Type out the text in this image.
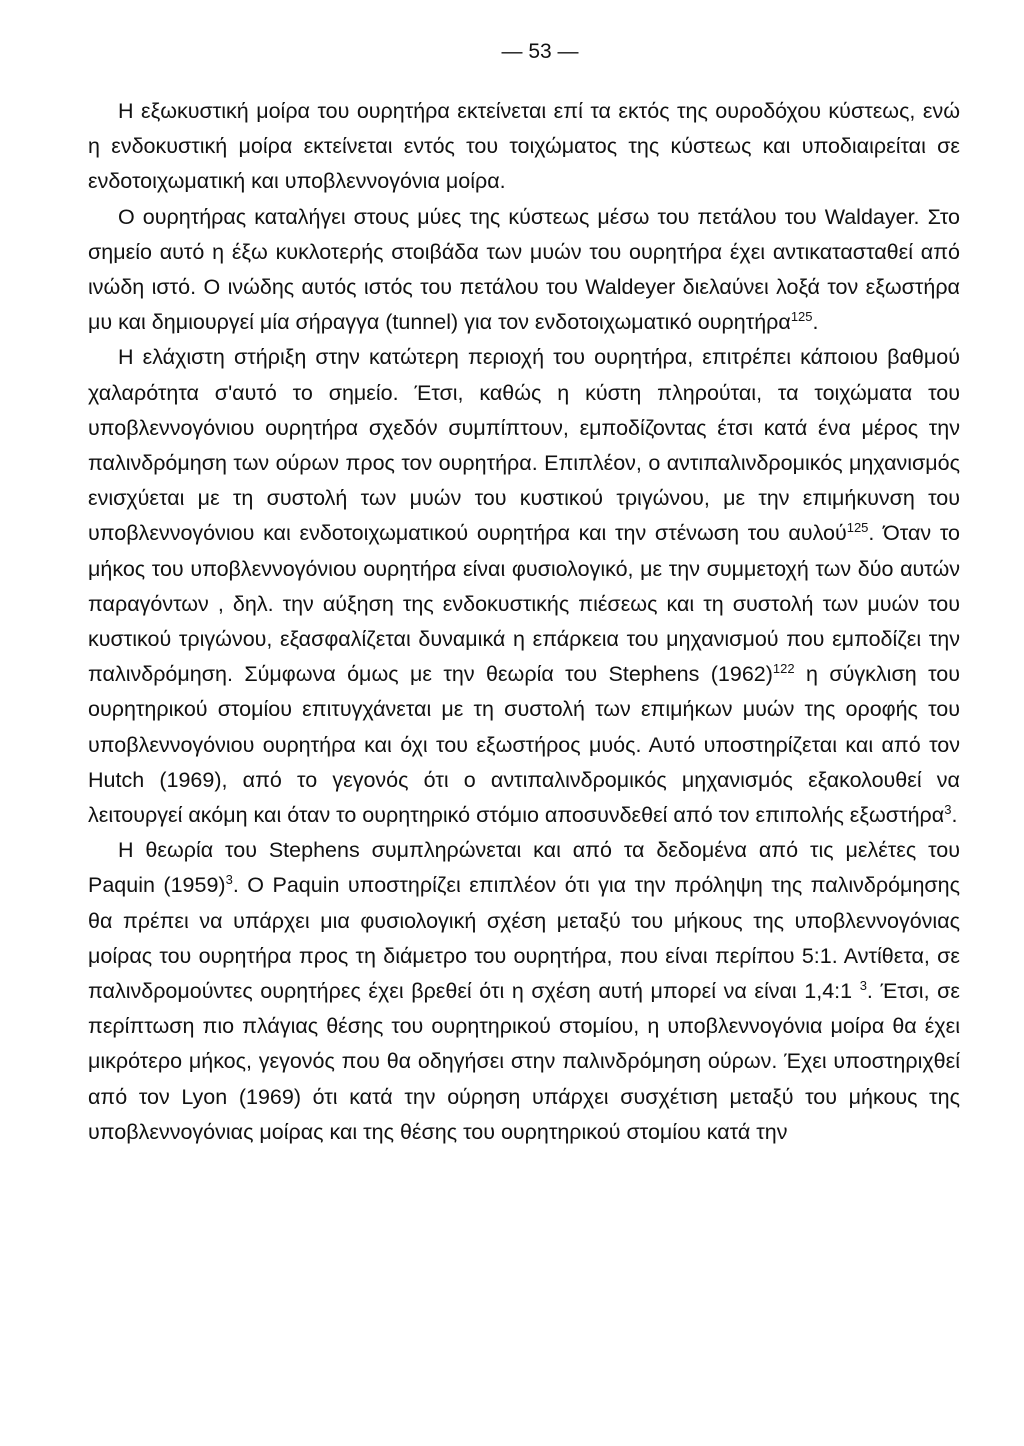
— 53 —

Η εξωκυστική μοίρα του ουρητήρα εκτείνεται επί τα εκτός της ουροδόχου κύστεως, ενώ η ενδοκυστική μοίρα εκτείνεται εντός του τοιχώματος της κύστεως και υποδιαιρείται σε ενδοτοιχωματική και υποβλεννογόνια μοίρα.

Ο ουρητήρας καταλήγει στους μύες της κύστεως μέσω του πετάλου του Waldayer. Στο σημείο αυτό η έξω κυκλοτερής στοιβάδα των μυών του ουρητήρα έχει αντικατασταθεί από ινώδη ιστό. Ο ινώδης αυτός ιστός του πετάλου του Waldeyer διελαύνει λοξά τον εξωστήρα μυ και δημιουργεί μία σήραγγα (tunnel) για τον ενδοτοιχωματικό ουρητήρα$^{125}$.

Η ελάχιστη στήριξη στην κατώτερη περιοχή του ουρητήρα, επιτρέπει κάποιου βαθμού χαλαρότητα σ'αυτό το σημείο. Έτσι, καθώς η κύστη πληρούται, τα τοιχώματα του υποβλεννογόνιου ουρητήρα σχεδόν συμπίπτουν, εμποδίζοντας έτσι κατά ένα μέρος την παλινδρόμηση των ούρων προς τον ουρητήρα. Επιπλέον, ο αντιπαλινδρομικός μηχανισμός ενισχύεται με τη συστολή των μυών του κυστικού τριγώνου, με την επιμήκυνση του υποβλεννογόνιου και ενδοτοιχωματικού ουρητήρα και την στένωση του αυλού$^{125}$. Όταν το μήκος του υποβλεννογόνιου ουρητήρα είναι φυσιολογικό, με την συμμετοχή των δύο αυτών παραγόντων , δηλ. την αύξηση της ενδοκυστικής πιέσεως και τη συστολή των μυών του κυστικού τριγώνου, εξασφαλίζεται δυναμικά η επάρκεια του μηχανισμού που εμποδίζει την παλινδρόμηση. Σύμφωνα όμως με την θεωρία του Stephens $(1962)^{122}$ η σύγκλιση του ουρητηρικού στομίου επιτυγχάνεται με τη συστολή των επιμήκων μυών της οροφής του υποβλεννογόνιου ουρητήρα και όχι του εξωστήρος μυός. Αυτό υποστηρίζεται και από τον Hutch (1969), από το γεγονός ότι ο αντιπαλινδρομικός μηχανισμός εξακολουθεί να λειτουργεί ακόμη και όταν το ουρητηρικό στόμιο αποσυνδεθεί από τον επιπολής εξωστήρα$^3$.

Η θεωρία του Stephens συμπληρώνεται και από τα δεδομένα από τις μελέτες του Paquin $(1959)^3$. Ο Paquin υποστηρίζει επιπλέον ότι για την πρόληψη της παλινδρόμησης θα πρέπει να υπάρχει μια φυσιολογική σχέση μεταξύ του μήκους της υποβλεννογόνιας μοίρας του ουρητήρα προς τη διάμετρο του ουρητήρα, που είναι περίπου 5:1. Αντίθετα, σε παλινδρομούντες ουρητήρες έχει βρεθεί ότι η σχέση αυτή μπορεί να είναι 1,4:1 $^3$. Έτσι, σε περίπτωση πιο πλάγιας θέσης του ουρητηρικού στομίου, η υποβλεννογόνια μοίρα θα έχει μικρότερο μήκος, γεγονός που θα οδηγήσει στην παλινδρόμηση ούρων. Έχει υποστηριχθεί από τον Lyon (1969) ότι κατά την ούρηση υπάρχει συσχέτιση μεταξύ του μήκους της υποβλεννογόνιας μοίρας και της θέσης του ουρητηρικού στομίου κατά την
